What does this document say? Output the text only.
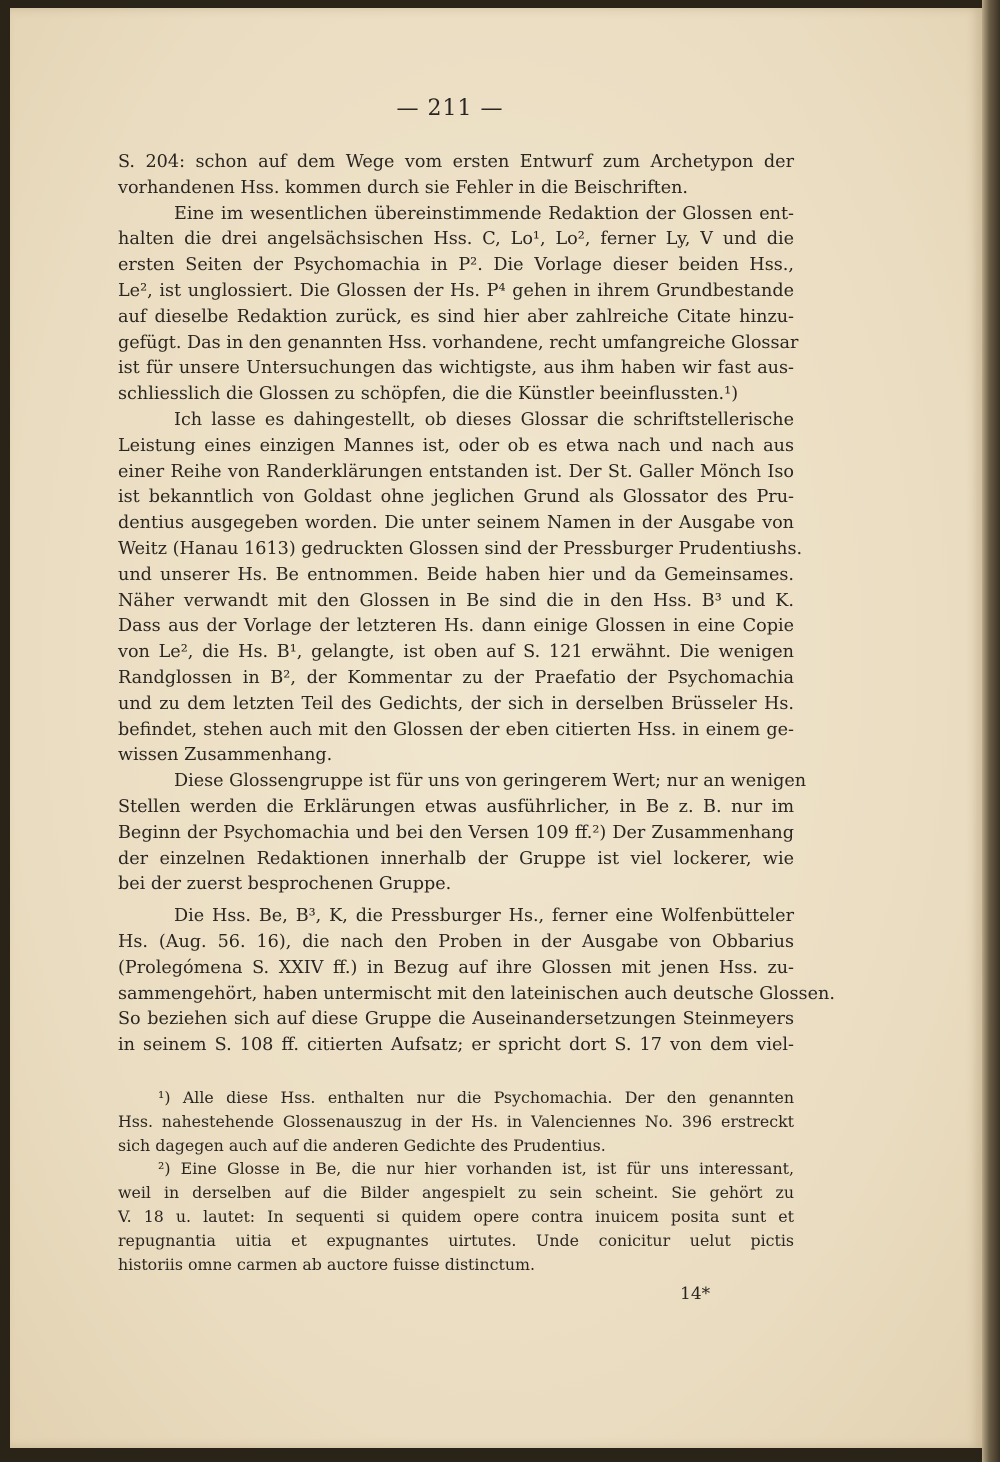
— 211 —
S. 204: schon auf dem Wege vom ersten Entwurf zum Archetypon der
vorhandenen Hss. kommen durch sie Fehler in die Beischriften.
Eine im wesentlichen übereinstimmende Redaktion der Glossen ent-
halten die drei angelsächsischen Hss. C, Lo¹, Lo², ferner Ly, V und die
ersten Seiten der Psychomachia in P². Die Vorlage dieser beiden Hss.,
Le², ist unglossiert. Die Glossen der Hs. P⁴ gehen in ihrem Grundbestande
auf dieselbe Redaktion zurück, es sind hier aber zahlreiche Citate hinzu-
gefügt. Das in den genannten Hss. vorhandene, recht umfangreiche Glossar
ist für unsere Untersuchungen das wichtigste, aus ihm haben wir fast aus-
schliesslich die Glossen zu schöpfen, die die Künstler beeinflussten.¹)
Ich lasse es dahingestellt, ob dieses Glossar die schriftstellerische
Leistung eines einzigen Mannes ist, oder ob es etwa nach und nach aus
einer Reihe von Randerklärungen entstanden ist. Der St. Galler Mönch Iso
ist bekanntlich von Goldast ohne jeglichen Grund als Glossator des Pru-
dentius ausgegeben worden. Die unter seinem Namen in der Ausgabe von
Weitz (Hanau 1613) gedruckten Glossen sind der Pressburger Prudentiushs.
und unserer Hs. Be entnommen. Beide haben hier und da Gemeinsames.
Näher verwandt mit den Glossen in Be sind die in den Hss. B³ und K.
Dass aus der Vorlage der letzteren Hs. dann einige Glossen in eine Copie
von Le², die Hs. B¹, gelangte, ist oben auf S. 121 erwähnt. Die wenigen
Randglossen in B², der Kommentar zu der Praefatio der Psychomachia
und zu dem letzten Teil des Gedichts, der sich in derselben Brüsseler Hs.
befindet, stehen auch mit den Glossen der eben citierten Hss. in einem ge-
wissen Zusammenhang.
Diese Glossengruppe ist für uns von geringerem Wert; nur an wenigen
Stellen werden die Erklärungen etwas ausführlicher, in Be z. B. nur im
Beginn der Psychomachia und bei den Versen 109 ff.²) Der Zusammenhang
der einzelnen Redaktionen innerhalb der Gruppe ist viel lockerer, wie
bei der zuerst besprochenen Gruppe.
Die Hss. Be, B³, K, die Pressburger Hs., ferner eine Wolfenbütteler
Hs. (Aug. 56. 16), die nach den Proben in der Ausgabe von Obbarius
(Prolegómena S. XXIV ff.) in Bezug auf ihre Glossen mit jenen Hss. zu-
sammengehört, haben untermischt mit den lateinischen auch deutsche Glossen.
So beziehen sich auf diese Gruppe die Auseinandersetzungen Steinmeyers
in seinem S. 108 ff. citierten Aufsatz; er spricht dort S. 17 von dem viel-
¹) Alle diese Hss. enthalten nur die Psychomachia. Der den genannten
Hss. nahestehende Glossenauszug in der Hs. in Valenciennes No. 396 erstreckt
sich dagegen auch auf die anderen Gedichte des Prudentius.
²) Eine Glosse in Be, die nur hier vorhanden ist, ist für uns interessant,
weil in derselben auf die Bilder angespielt zu sein scheint. Sie gehört zu
V. 18 u. lautet: In sequenti si quidem opere contra inuicem posita sunt et
repugnantia uitia et expugnantes uirtutes. Unde conicitur uelut pictis
historiis omne carmen ab auctore fuisse distinctum.
14*
